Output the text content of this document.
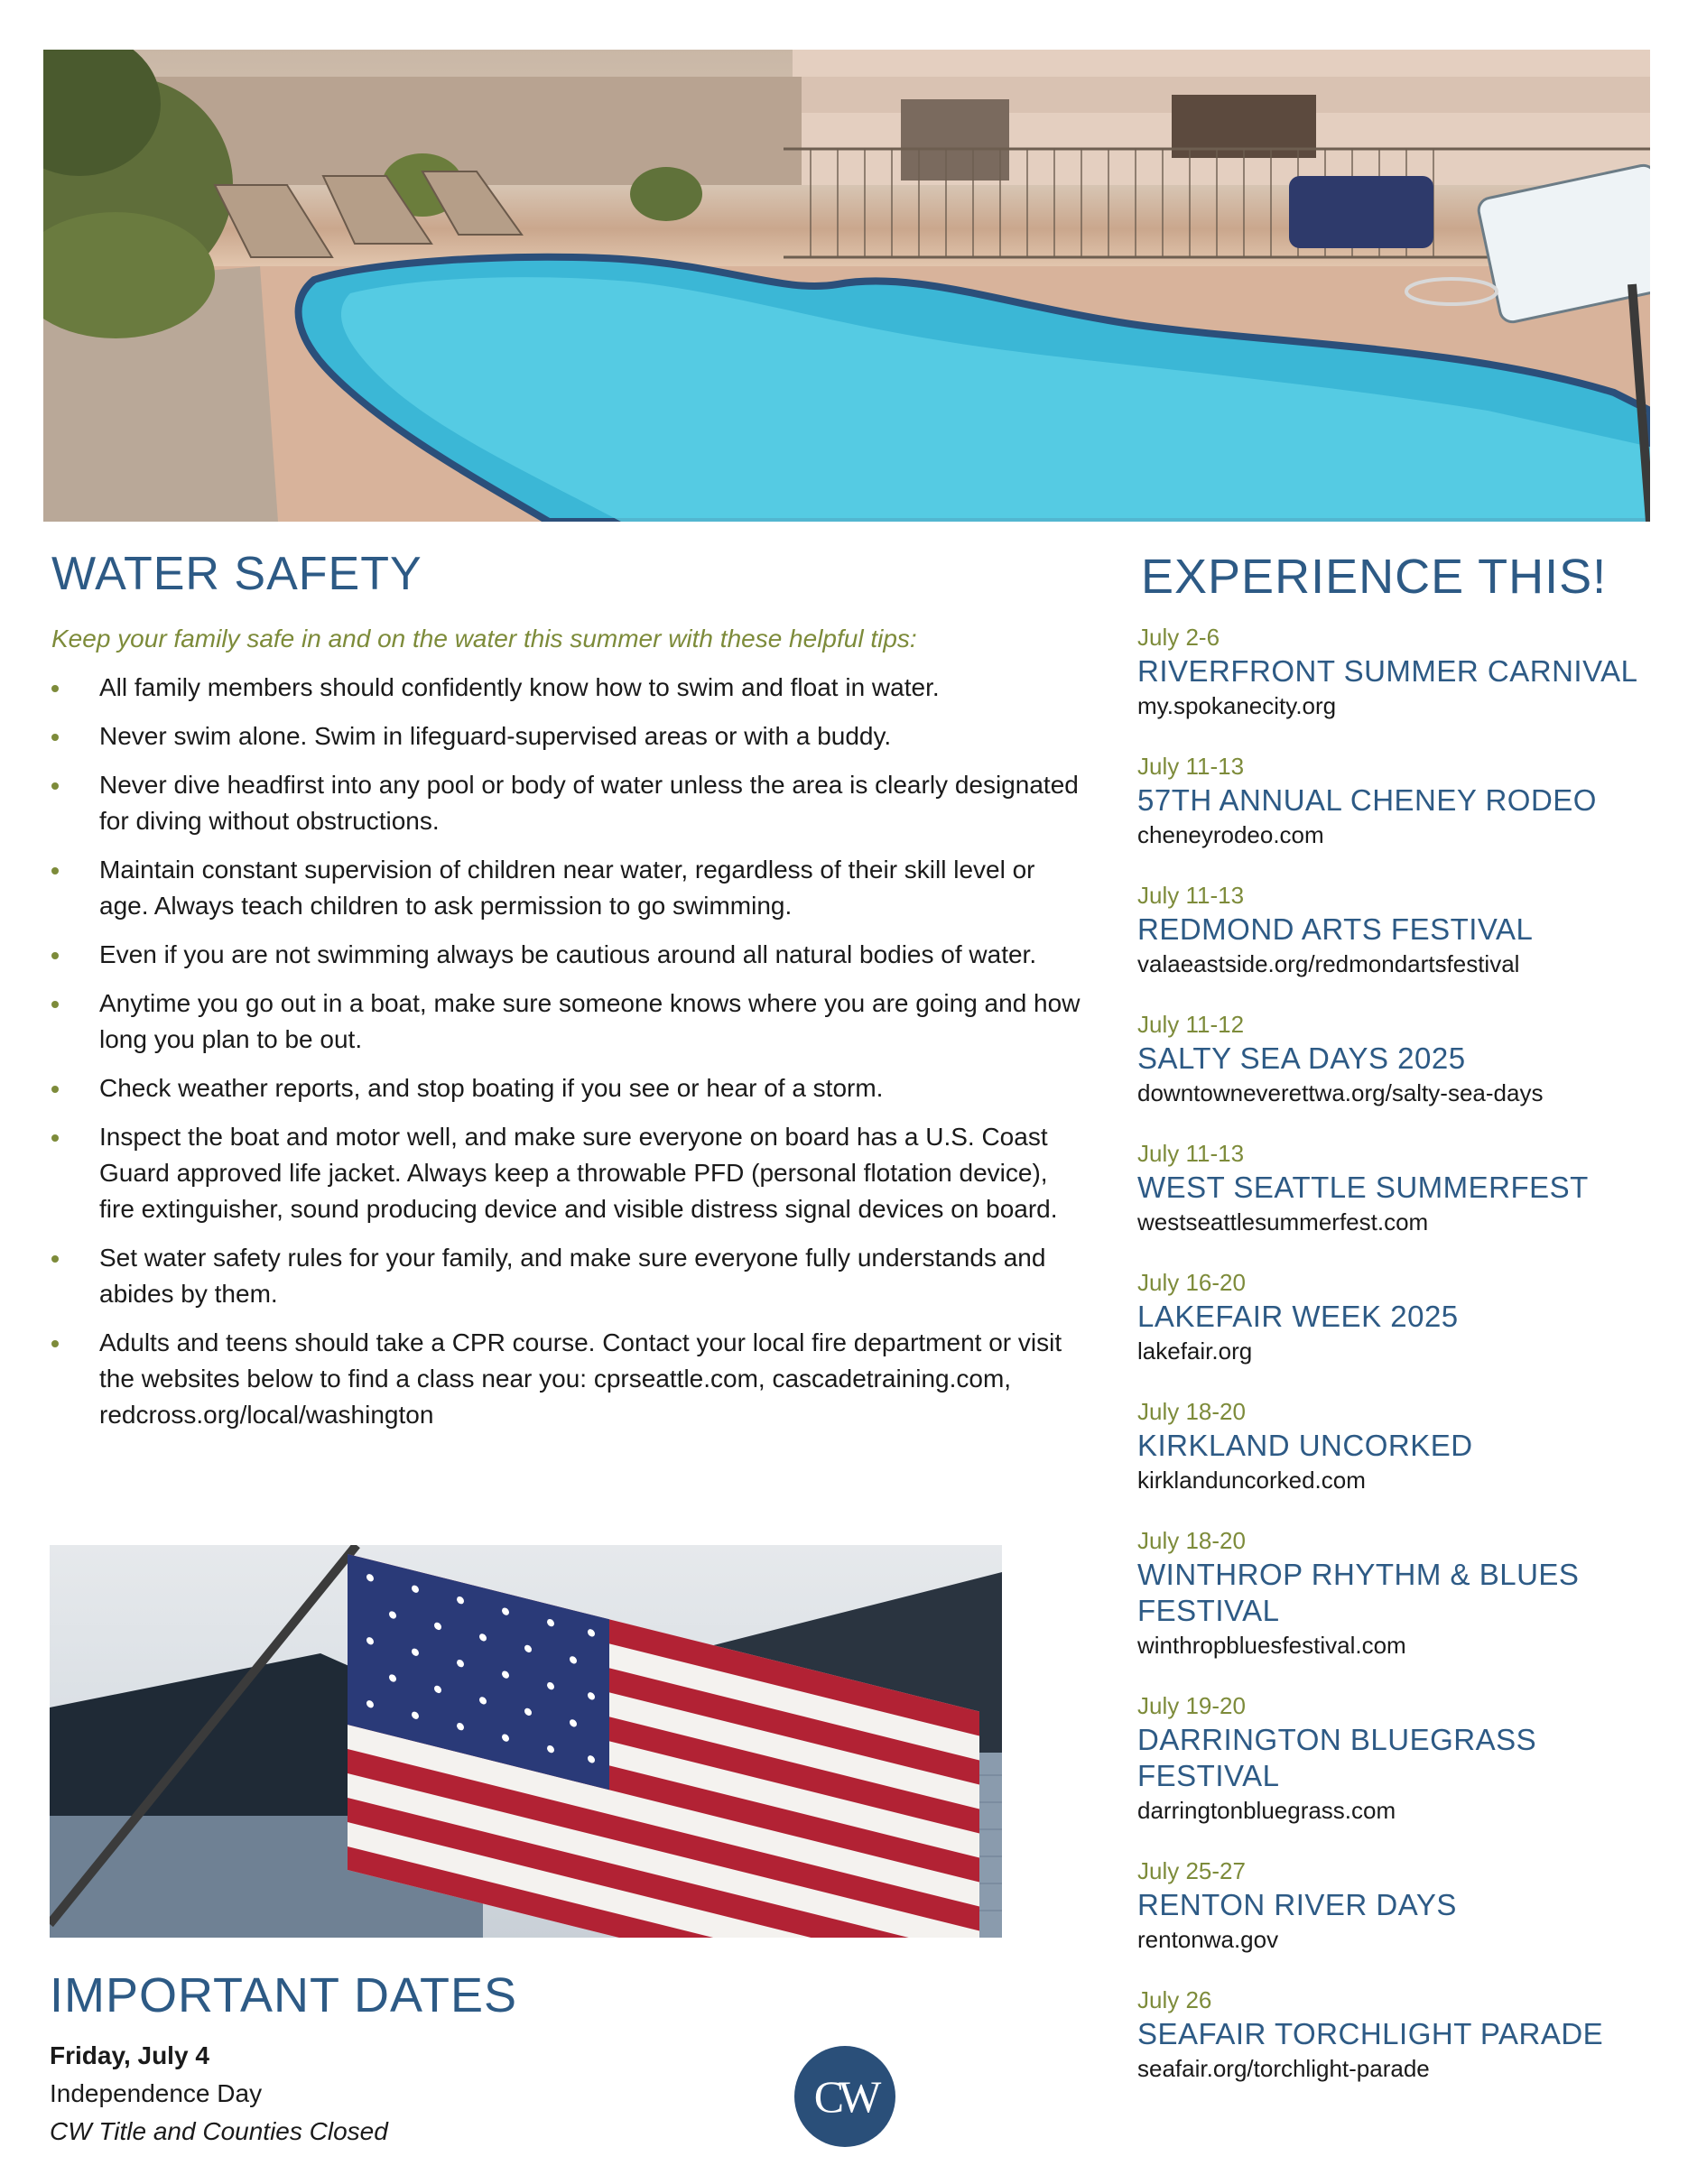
WATER SAFETY

Keep your family safe in and on the water this summer with these helpful tips:

All family members should confidently know how to swim and float in water.
Never swim alone. Swim in lifeguard-supervised areas or with a buddy.
Never dive headfirst into any pool or body of water unless the area is clearly designated for diving without obstructions.
Maintain constant supervision of children near water, regardless of their skill level or age. Always teach children to ask permission to go swimming.
Even if you are not swimming always be cautious around all natural bodies of water.
Anytime you go out in a boat, make sure someone knows where you are going and how long you plan to be out.
Check weather reports, and stop boating if you see or hear of a storm.
Inspect the boat and motor well, and make sure everyone on board has a U.S. Coast Guard approved life jacket. Always keep a throwable PFD (personal flotation device), fire extinguisher, sound producing device and visible distress signal devices on board.
Set water safety rules for your family, and make sure everyone fully understands and abides by them.
Adults and teens should take a CPR course. Contact your local fire department or visit the websites below to find a class near you: cprseattle.com, cascadetraining.com, redcross.org/local/washington
IMPORTANT DATES
Friday, July 4
Independence Day
CW Title and Counties Closed
CW
EXPERIENCE THIS!
July 2-6
RIVERFRONT SUMMER CARNIVAL
my.spokanecity.org
July 11-13
57TH ANNUAL CHENEY RODEO
cheneyrodeo.com
July 11-13
REDMOND ARTS FESTIVAL
valaeastside.org/redmondartsfestival
July 11-12
SALTY SEA DAYS 2025
downtowneverettwa.org/salty-sea-days
July 11-13
WEST SEATTLE SUMMERFEST
westseattlesummerfest.com
July 16-20
LAKEFAIR WEEK 2025
lakefair.org
July 18-20
KIRKLAND UNCORKED
kirklanduncorked.com
July 18-20
WINTHROP RHYTHM & BLUES FESTIVAL
winthropbluesfestival.com
July 19-20
DARRINGTON BLUEGRASS FESTIVAL
darringtonbluegrass.com
July 25-27
RENTON RIVER DAYS
rentonwa.gov
July 26
SEAFAIR TORCHLIGHT PARADE
seafair.org/torchlight-parade
